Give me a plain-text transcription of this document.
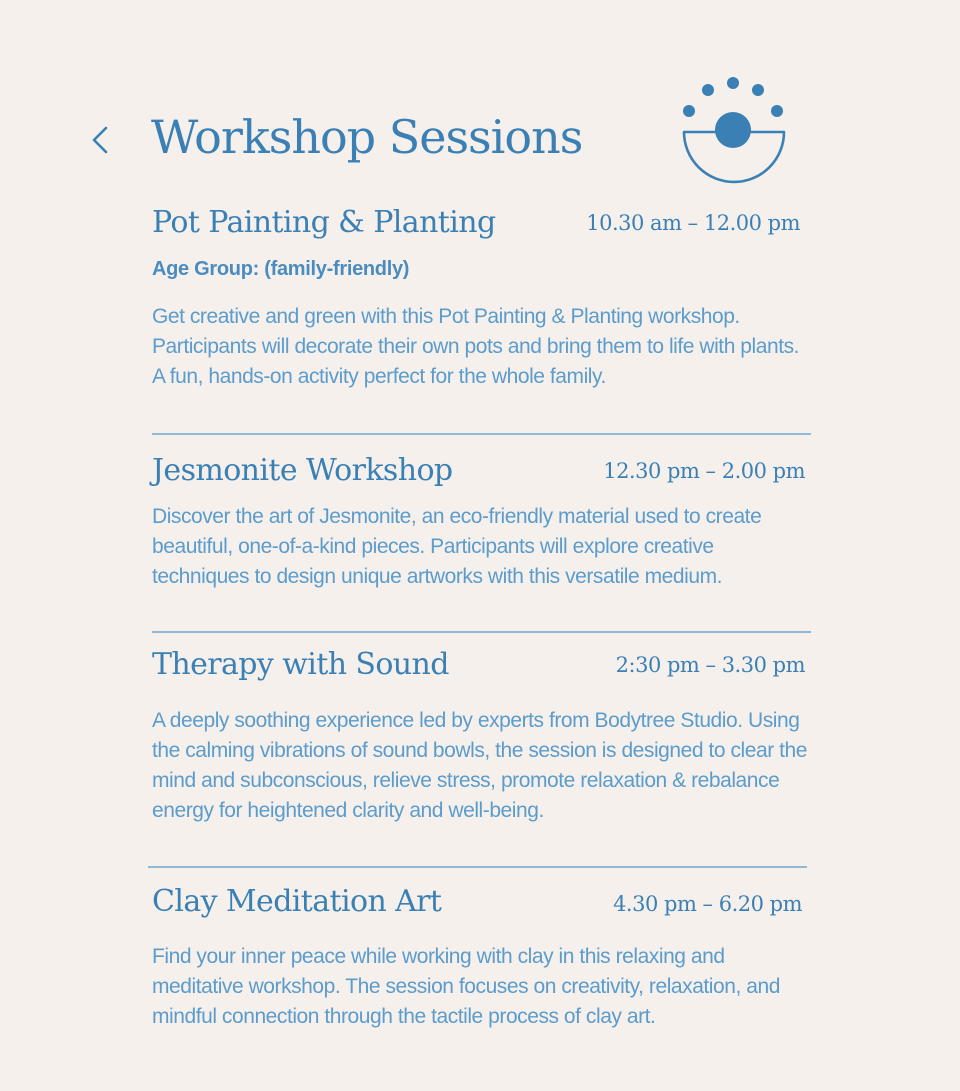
Workshop Sessions
Pot Painting & Planting	10.30 am – 12.00 pm
Age Group: (family-friendly)

Get creative and green with this Pot Painting & Planting workshop. Participants will decorate their own pots and bring them to life with plants. A fun, hands-on activity perfect for the whole family.

Jesmonite Workshop	12.30 pm – 2.00 pm

Discover the art of Jesmonite, an eco-friendly material used to create beautiful, one-of-a-kind pieces. Participants will explore creative techniques to design unique artworks with this versatile medium.

Therapy with Sound	2:30 pm – 3.30 pm

A deeply soothing experience led by experts from Bodytree Studio. Using the calming vibrations of sound bowls, the session is designed to clear the mind and subconscious, relieve stress, promote relaxation & rebalance energy for heightened clarity and well-being.

Clay Meditation Art	4.30 pm – 6.20 pm

Find your inner peace while working with clay in this relaxing and meditative workshop. The session focuses on creativity, relaxation, and mindful connection through the tactile process of clay art.
